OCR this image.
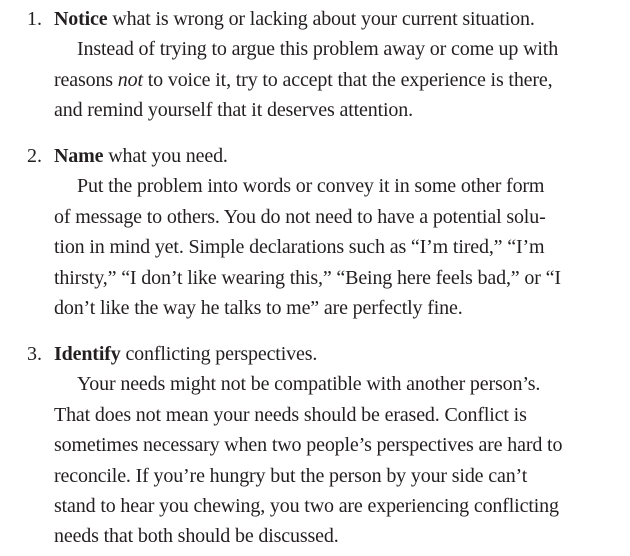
1. Notice what is wrong or lacking about your current situation.
Instead of trying to argue this problem away or come up with
reasons not to voice it, try to accept that the experience is there,
and remind yourself that it deserves attention.
2. Name what you need.
Put the problem into words or convey it in some other form
of message to others. You do not need to have a potential solu-
tion in mind yet. Simple declarations such as “I’m tired,” “I’m
thirsty,” “I don’t like wearing this,” “Being here feels bad,” or “I
don’t like the way he talks to me” are perfectly fine.
3. Identify conflicting perspectives.
Your needs might not be compatible with another person’s.
That does not mean your needs should be erased. Conflict is
sometimes necessary when two people’s perspectives are hard to
reconcile. If you’re hungry but the person by your side can’t
stand to hear you chewing, you two are experiencing conflicting
needs that both should be discussed.
